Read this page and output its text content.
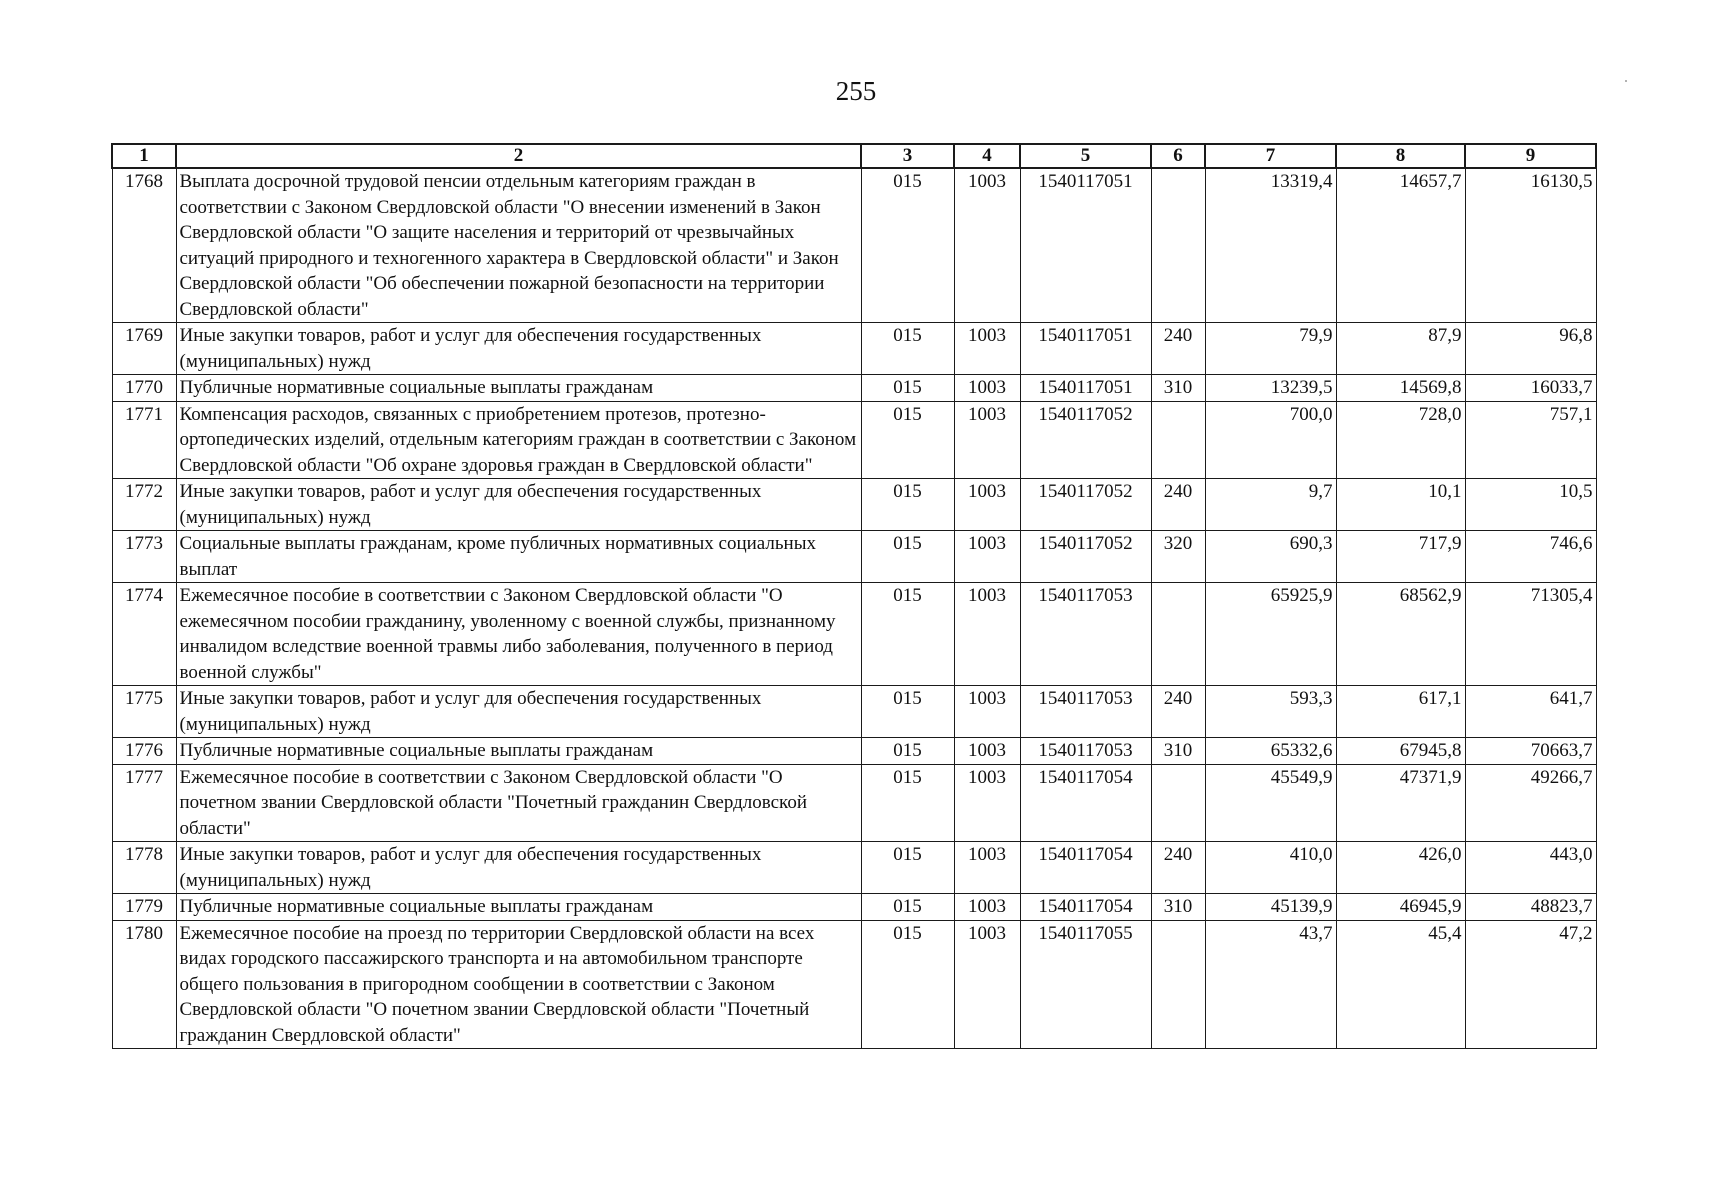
255
1	2	3	4	5	6	7	8	9
1768	Выплата досрочной трудовой пенсии отдельным категориям граждан в соответствии с Законом Свердловской области "О внесении изменений в Закон Свердловской области "О защите населения и территорий от чрезвычайных ситуаций природного и техногенного характера в Свердловской области" и Закон Свердловской области "Об обеспечении пожарной безопасности на территории Свердловской области"	015	1003	1540117051		13319,4	14657,7	16130,5
1769	Иные закупки товаров, работ и услуг для обеспечения государственных (муниципальных) нужд	015	1003	1540117051	240	79,9	87,9	96,8
1770	Публичные нормативные социальные выплаты гражданам	015	1003	1540117051	310	13239,5	14569,8	16033,7
1771	Компенсация расходов, связанных с приобретением протезов, протезно-ортопедических изделий, отдельным категориям граждан в соответствии с Законом Свердловской области "Об охране здоровья граждан в Свердловской области"	015	1003	1540117052		700,0	728,0	757,1
1772	Иные закупки товаров, работ и услуг для обеспечения государственных (муниципальных) нужд	015	1003	1540117052	240	9,7	10,1	10,5
1773	Социальные выплаты гражданам, кроме публичных нормативных социальных выплат	015	1003	1540117052	320	690,3	717,9	746,6
1774	Ежемесячное пособие в соответствии с Законом Свердловской области "О ежемесячном пособии гражданину, уволенному с военной службы, признанному инвалидом вследствие военной травмы либо заболевания, полученного в период военной службы"	015	1003	1540117053		65925,9	68562,9	71305,4
1775	Иные закупки товаров, работ и услуг для обеспечения государственных (муниципальных) нужд	015	1003	1540117053	240	593,3	617,1	641,7
1776	Публичные нормативные социальные выплаты гражданам	015	1003	1540117053	310	65332,6	67945,8	70663,7
1777	Ежемесячное пособие в соответствии с Законом Свердловской области "О почетном звании Свердловской области "Почетный гражданин Свердловской области"	015	1003	1540117054		45549,9	47371,9	49266,7
1778	Иные закупки товаров, работ и услуг для обеспечения государственных (муниципальных) нужд	015	1003	1540117054	240	410,0	426,0	443,0
1779	Публичные нормативные социальные выплаты гражданам	015	1003	1540117054	310	45139,9	46945,9	48823,7
1780	Ежемесячное пособие на проезд по территории Свердловской области на всех видах городского пассажирского транспорта и на автомобильном транспорте общего пользования в пригородном сообщении в соответствии с Законом Свердловской области "О почетном звании Свердловской области "Почетный гражданин Свердловской области"	015	1003	1540117055		43,7	45,4	47,2
